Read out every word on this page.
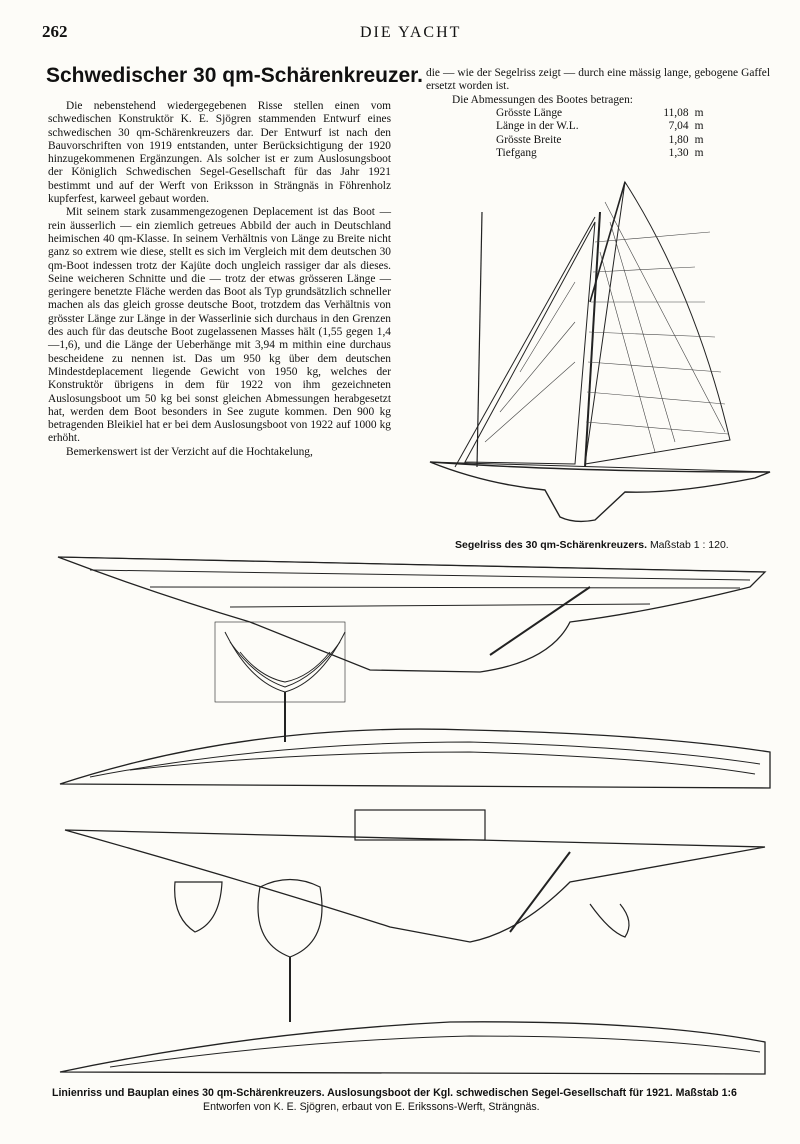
262	DIE YACHT
Schwedischer 30 qm-Schärenkreuzer.

Die nebenstehend wiedergegebenen Risse stellen einen vom schwedischen Konstruktör K. E. Sjögren stammenden Entwurf eines schwedischen 30 qm-Schärenkreuzers dar. Der Entwurf ist nach den Bauvorschriften von 1919 entstanden, unter Berücksichtigung der 1920 hinzugekommenen Ergänzungen. Als solcher ist er zum Auslosungsboot der Königlich Schwedischen Segel-Gesellschaft für das Jahr 1921 bestimmt und auf der Werft von Eriksson in Strängnäs in Föhrenholz kupferfest, karweel gebaut worden.

Mit seinem stark zusammengezogenen Deplacement ist das Boot — rein äusserlich — ein ziemlich getreues Abbild der auch in Deutschland heimischen 40 qm-Klasse. In seinem Verhältnis von Länge zu Breite nicht ganz so extrem wie diese, stellt es sich im Vergleich mit dem deutschen 30 qm-Boot indessen trotz der Kajüte doch ungleich rassiger dar als dieses. Seine weicheren Schnitte und die — trotz der etwas grösseren Länge — geringere benetzte Fläche werden das Boot als Typ grundsätzlich schneller machen als das gleich grosse deutsche Boot, trotzdem das Verhältnis von grösster Länge zur Länge in der Wasserlinie sich durchaus in den Grenzen des auch für das deutsche Boot zugelassenen Masses hält (1,55 gegen 1,4—1,6), und die Länge der Ueberhänge mit 3,94 m mithin eine durchaus bescheidene zu nennen ist. Das um 950 kg über dem deutschen Mindestdeplacement liegende Gewicht von 1950 kg, welches der Konstruktör übrigens in dem für 1922 von ihm gezeichneten Auslosungsboot um 50 kg bei sonst gleichen Abmessungen herabgesetzt hat, werden dem Boot besonders in See zugute kommen. Den 900 kg betragenden Bleikiel hat er bei dem Auslosungsboot von 1922 auf 1000 kg erhöht.

Bemerkenswert ist der Verzicht auf die Hochtakelung,

die — wie der Segelriss zeigt — durch eine mässig lange, gebogene Gaffel ersetzt worden ist.

Die Abmessungen des Bootes betragen:

Grösste Länge	11,08	m
Länge in der W.L.	7,04	m
Grösste Breite	1,80	m
Tiefgang	1,30	m
Segelriss des 30 qm-Schärenkreuzers. Maßstab 1 : 120.
Linienriss und Bauplan eines 30 qm-Schärenkreuzers. Auslosungsboot der Kgl. schwedischen Segel-Gesellschaft für 1921. Maßstab 1:6
Entworfen von K. E. Sjögren, erbaut von E. Erikssons-Werft, Strängnäs.
